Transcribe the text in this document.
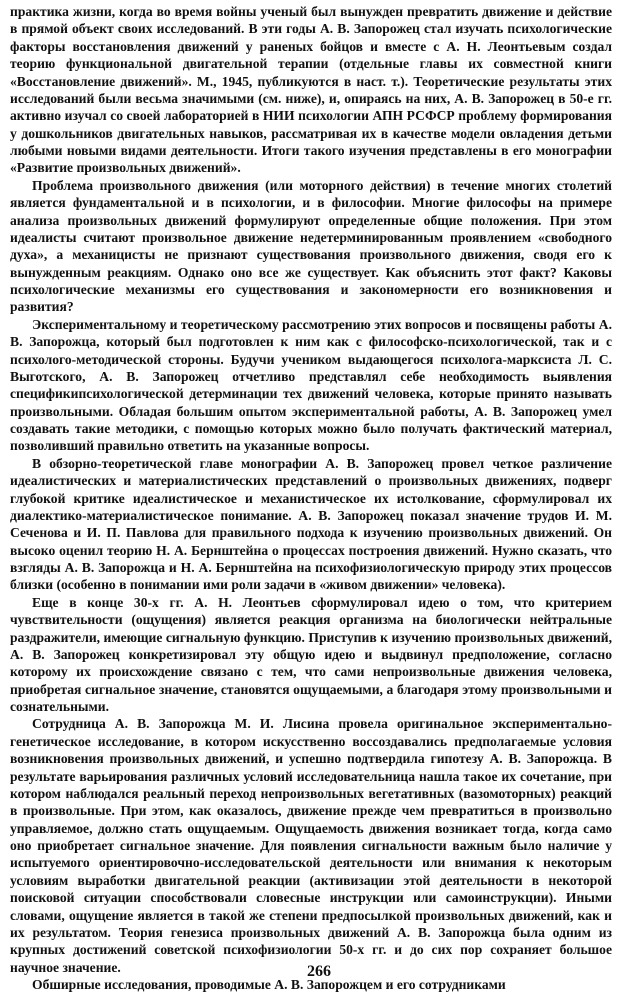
практика жизни, когда во время войны ученый был вынужден превратить движение и действие в прямой объект своих исследований. В эти годы А. В. Запорожец стал изучать психологические факторы восстановления движений у раненых бойцов и вместе с А. Н. Леонтьевым создал теорию функциональной двигательной терапии (отдельные главы их совместной книги «Восстановление движений». М., 1945, публикуются в наст. т.). Теоретические результаты этих исследований были весьма значимыми (см. ниже), и, опираясь на них, А. В. Запорожец в 50-е гг. активно изучал со своей лабораторией в НИИ психологии АПН РСФСР проблему формирования у дошкольников двигательных навыков, рассматривая их в качестве модели овладения детьми любыми новыми видами деятельности. Итоги такого изучения представлены в его монографии «Развитие произвольных движений».

Проблема произвольного движения (или моторного действия) в течение многих столетий является фундаментальной и в психологии, и в философии. Многие философы на примере анализа произвольных движений формулируют определенные общие положения. При этом идеалисты считают произвольное движение недетерминированным проявлением «свободного духа», а механицисты не признают существования произвольного движения, сводя его к вынужденным реакциям. Однако оно все же существует. Как объяснить этот факт? Каковы психологические механизмы его существования и закономерности его возникновения и развития?

Экспериментальному и теоретическому рассмотрению этих вопросов и посвящены работы А. В. Запорожца, который был подготовлен к ним как с философско-психологической, так и с психолого-методической стороны. Будучи учеником выдающегося психолога-марксиста Л. С. Выготского, А. В. Запорожец отчетливо представлял себе необходимость выявления спецификипсихологической детерминации тех движений человека, которые принято называть произвольными. Обладая большим опытом экспериментальной работы, А. В. Запорожец умел создавать такие методики, с помощью которых можно было получать фактический материал, позволивший правильно ответить на указанные вопросы.

В обзорно-теоретической главе монографии А. В. Запорожец провел четкое различение идеалистических и материалистических представлений о произвольных движениях, подверг глубокой критике идеалистическое и механистическое их истолкование, сформулировал их диалектико-материалистическое понимание. А. В. Запорожец показал значение трудов И. М. Сеченова и И. П. Павлова для правильного подхода к изучению произвольных движений. Он высоко оценил теорию Н. А. Бернштейна о процессах построения движений. Нужно сказать, что взгляды А. В. Запорожца и Н. А. Бернштейна на психофизиологическую природу этих процессов близки (особенно в понимании ими роли задачи в «живом движении» человека).

Еще в конце 30-х гг. А. Н. Леонтьев сформулировал идею о том, что критерием чувствительности (ощущения) является реакция организма на биологически нейтральные раздражители, имеющие сигнальную функцию. Приступив к изучению произвольных движений, А. В. Запорожец конкретизировал эту общую идею и выдвинул предположение, согласно которому их происхождение связано с тем, что сами непроизвольные движения человека, приобретая сигнальное значение, становятся ощущаемыми, а благодаря этому произвольными и сознательными.

Сотрудница А. В. Запорожца М. И. Лисина провела оригинальное экспериментально-генетическое исследование, в котором искусственно воссоздавались предполагаемые условия возникновения произвольных движений, и успешно подтвердила гипотезу А. В. Запорожца. В результате варьирования различных условий исследовательница нашла такое их сочетание, при котором наблюдался реальный переход непроизвольных вегетативных (вазомоторных) реакций в произвольные. При этом, как оказалось, движение прежде чем превратиться в произвольно управляемое, должно стать ощущаемым. Ощущаемость движения возникает тогда, когда само оно приобретает сигнальное значение. Для появления сигнальности важным было наличие у испытуемого ориентировочно-исследовательской деятельности или внимания к некоторым условиям выработки двигательной реакции (активизации этой деятельности в некоторой поисковой ситуации способствовали словесные инструкции или самоинструкции). Иными словами, ощущение является в такой же степени предпосылкой произвольных движений, как и их результатом. Теория генезиса произвольных движений А. В. Запорожца была одним из крупных достижений советской психофизиологии 50-х гг. и до сих пор сохраняет большое научное значение.

Обширные исследования, проводимые А. В. Запорожцем и его сотрудниками

266
